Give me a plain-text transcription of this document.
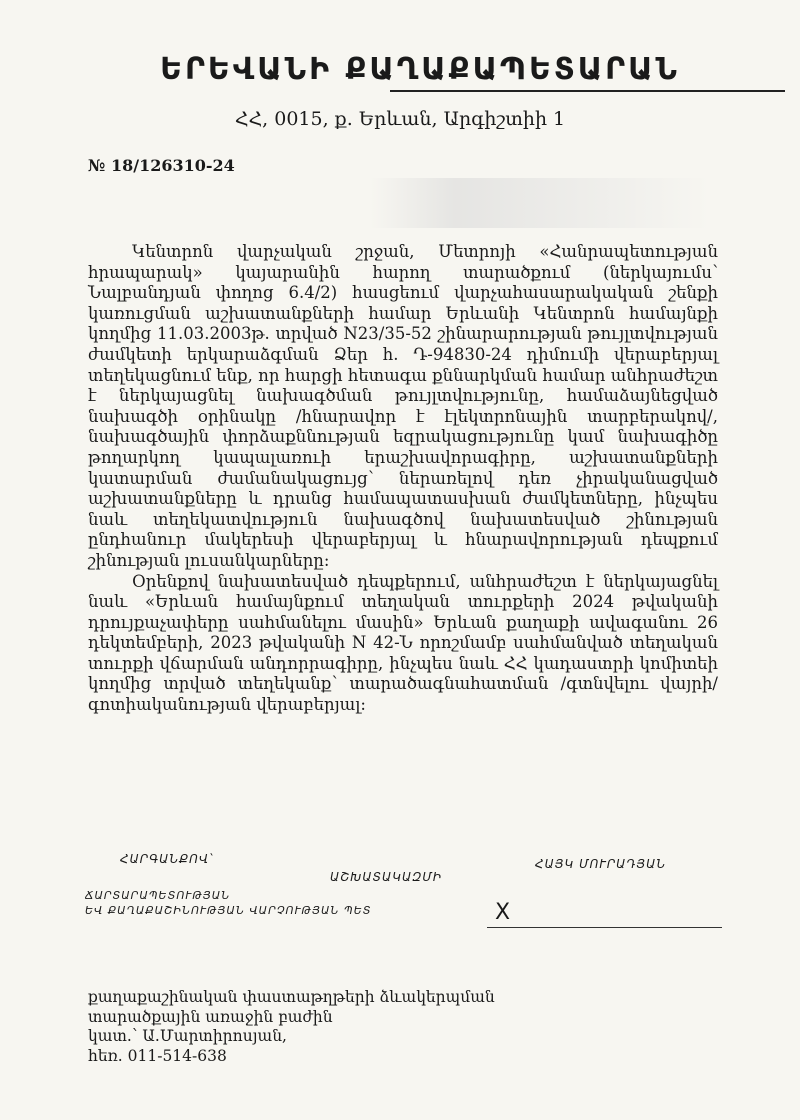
ԵՐԵՎԱՆԻ ՔԱՂԱՔԱՊԵՏԱՐԱՆ
ՀՀ, 0015, ք. Երևան, Արգիշտիի 1
№ 18/126310-24

Կենտրոն վարչական շրջան, Մետրոյի «Հանրապետության հրապարակ» կայարանին հարող տարածքում (ներկայումս՝ Նալբանդյան փողոց 6.4/2) հասցեում վարչահասարակական շենքի կառուցման աշխատանքների համար Երևանի Կենտրոն համայնքի կողմից 11.03.2003թ. տրված N23/35-52 շինարարության թույլտվության ժամկետի երկարաձգման Ձեր հ. Դ-94830-24 դիմումի վերաբերյալ տեղեկացնում ենք, որ հարցի հետագա քննարկման համար անհրաժեշտ է ներկայացնել նախագծման թույլտվությունը, համաձայնեցված նախագծի օրինակը /հնարավոր է էլեկտրոնային տարբերակով/, նախագծային փորձաքննության եզրակացությունը կամ նախագիծը թողարկող կապալառուի երաշխավորագիրը, աշխատանքների կատարման ժամանակացույց՝ ներառելով դեռ չիրականացված աշխատանքները և դրանց համապատասխան ժամկետները, ինչպես նաև տեղեկատվություն նախագծով նախատեսված շինության ընդհանուր մակերեսի վերաբերյալ և հնարավորության դեպքում շինության լուսանկարները:

Օրենքով նախատեսված դեպքերում, անհրաժեշտ է ներկայացնել նաև «Երևան համայնքում տեղական տուրքերի 2024 թվականի դրույքաչափերը սահմանելու մասին» Երևան քաղաքի ավագանու 26 դեկտեմբերի, 2023 թվականի N 42-Ն որոշմամբ սահմանված տեղական տուրքի վճարման անդորրագիրը, ինչպես նաև ՀՀ կադաստրի կոմիտեի կողմից տրված տեղեկանք՝ տարածագնահատման /գտնվելու վայրի/ գոտիականության վերաբերյալ:

ՀԱՐԳԱՆՔՈՎ՝
ԱՇԽԱՏԱԿԱԶՄԻ
ՀԱՅԿ ՄՈՒՐԱԴՅԱՆ
ՃԱՐՏԱՐԱՊԵՏՈՒԹՅԱՆ
ԵՎ ՔԱՂԱՔԱՇԻՆՈՒԹՅԱՆ ՎԱՐՉՈՒԹՅԱՆ ՊԵՏ	X
քաղաքաշինական փաստաթղթերի ձևակերպման
տարածքային առաջին բաժին
կատ.՝ Ա.Մարտիրոսյան,
հեռ. 011-514-638
